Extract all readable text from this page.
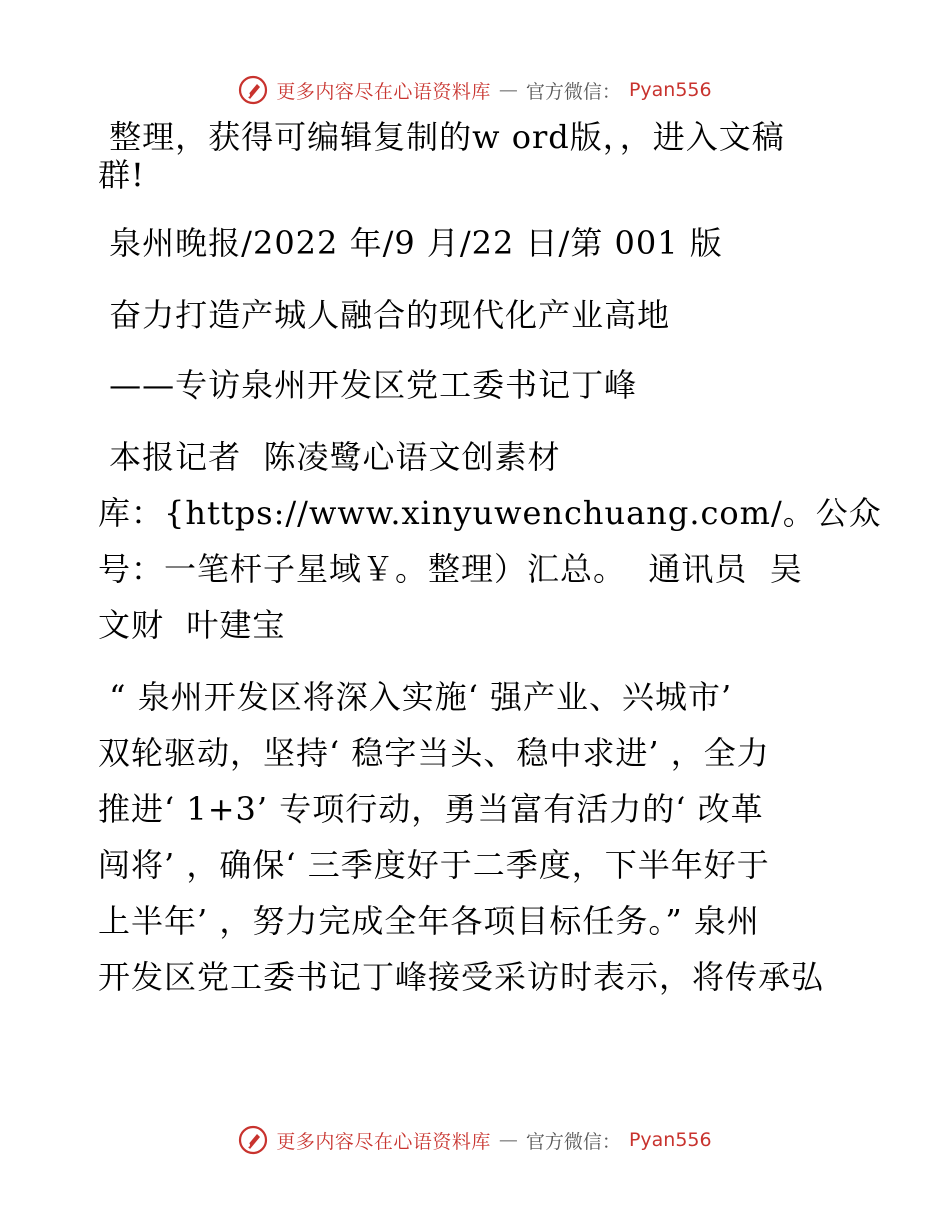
更多内容尽在心语资料库 — 官方微信： Pyan556
整理，获得可编辑复制的w ord版，，进入文稿
群!
泉州晚报/2022 年/9 月/22 日/第 001 版
奋力打造产城人融合的现代化产业高地
——专访泉州开发区党工委书记丁峰
本报记者  陈凌鹭心语文创素材
库：{https://www.xinyuwenchuang.com/。公众
号：一笔杆子星域￥。整理）汇总。  通讯员  吴
文财  叶建宝
“ 泉州开发区将深入实施‘ 强产业、兴城市’
双轮驱动，坚持‘ 稳字当头、稳中求进’ ，全力
推进‘ 1+3’ 专项行动，勇当富有活力的‘ 改革
闯将’ ，确保‘ 三季度好于二季度，下半年好于
上半年’ ，努力完成全年各项目标任务。” 泉州
开发区党工委书记丁峰接受采访时表示，将传承弘
更多内容尽在心语资料库 — 官方微信： Pyan556
